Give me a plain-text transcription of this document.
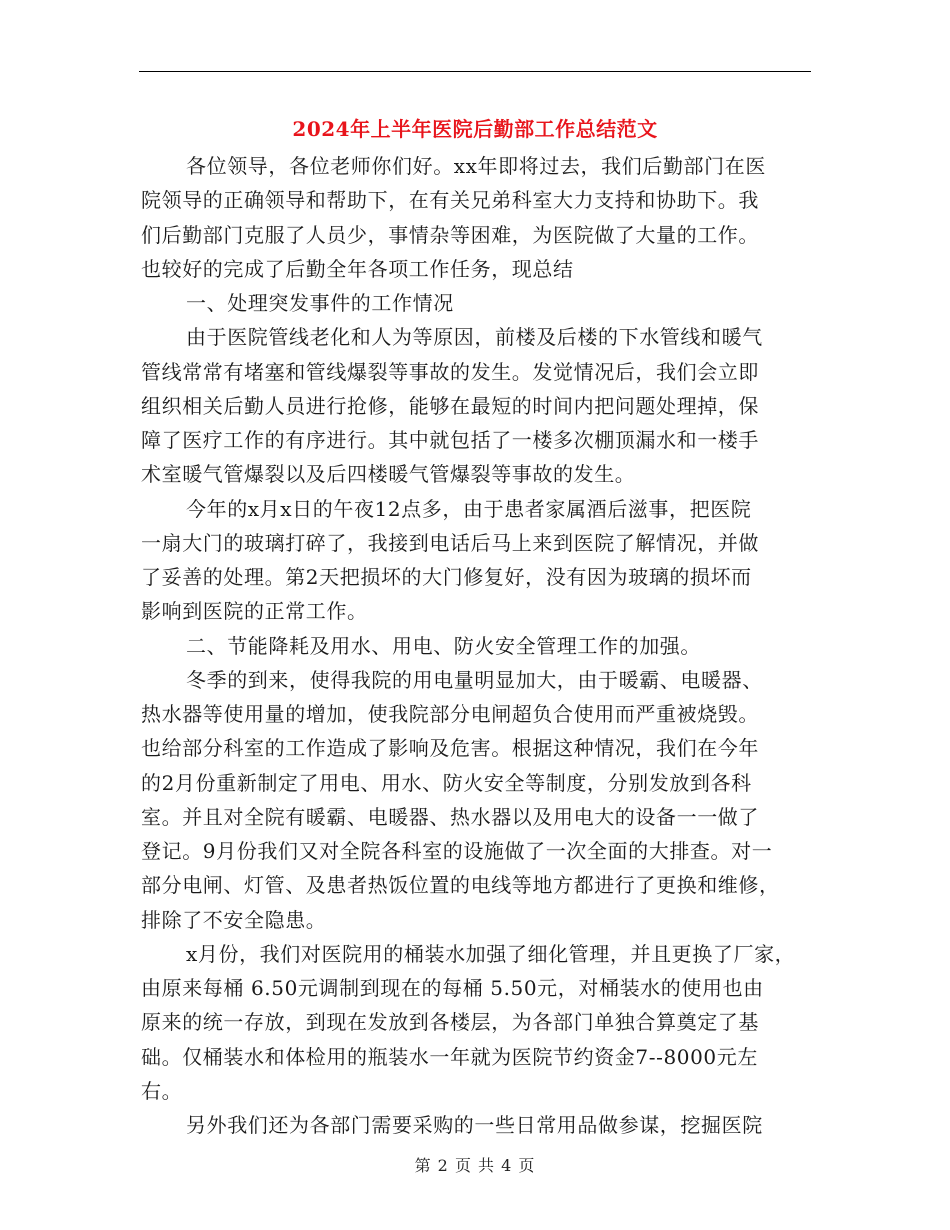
2024年上半年医院后勤部工作总结范文
各位领导，各位老师你们好。xx年即将过去，我们后勤部门在医
院领导的正确领导和帮助下，在有关兄弟科室大力支持和协助下。我
们后勤部门克服了人员少，事情杂等困难，为医院做了大量的工作。
也较好的完成了后勤全年各项工作任务，现总结
一、处理突发事件的工作情况
由于医院管线老化和人为等原因，前楼及后楼的下水管线和暖气
管线常常有堵塞和管线爆裂等事故的发生。发觉情况后，我们会立即
组织相关后勤人员进行抢修，能够在最短的时间内把问题处理掉，保
障了医疗工作的有序进行。其中就包括了一楼多次棚顶漏水和一楼手
术室暖气管爆裂以及后四楼暖气管爆裂等事故的发生。
今年的x月x日的午夜12点多，由于患者家属酒后滋事，把医院
一扇大门的玻璃打碎了，我接到电话后马上来到医院了解情况，并做
了妥善的处理。第2天把损坏的大门修复好，没有因为玻璃的损坏而
影响到医院的正常工作。
二、节能降耗及用水、用电、防火安全管理工作的加强。
冬季的到来，使得我院的用电量明显加大，由于暖霸、电暖器、
热水器等使用量的增加，使我院部分电闸超负合使用而严重被烧毁。
也给部分科室的工作造成了影响及危害。根据这种情况，我们在今年
的2月份重新制定了用电、用水、防火安全等制度，分别发放到各科
室。并且对全院有暖霸、电暖器、热水器以及用电大的设备一一做了
登记。9月份我们又对全院各科室的设施做了一次全面的大排查。对一
部分电闸、灯管、及患者热饭位置的电线等地方都进行了更换和维修，
排除了不安全隐患。
x月份，我们对医院用的桶装水加强了细化管理，并且更换了厂家，
由原来每桶 6.50元调制到现在的每桶 5.50元，对桶装水的使用也由
原来的统一存放，到现在发放到各楼层，为各部门单独合算奠定了基
础。仅桶装水和体检用的瓶装水一年就为医院节约资金7--8000元左
右。
另外我们还为各部门需要采购的一些日常用品做参谋，挖掘医院
第 2 页 共 4 页
